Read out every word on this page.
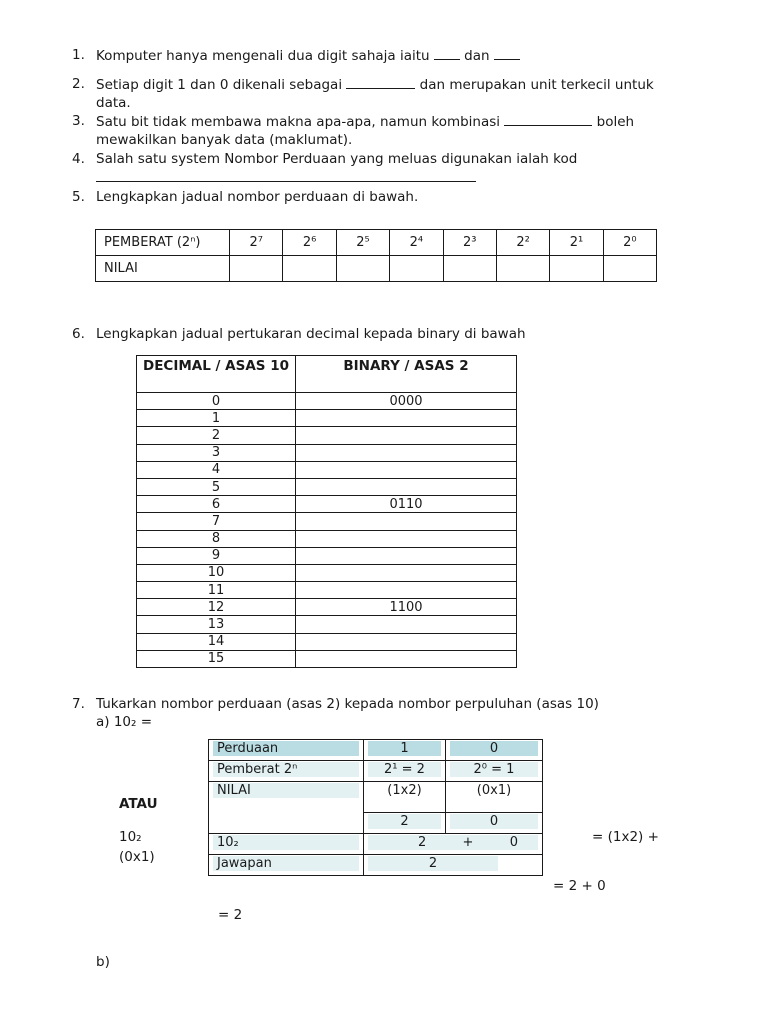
1. Komputer hanya mengenali dua digit sahaja iaitu  dan
2. Setiap digit 1 dan 0 dikenali sebagai	dan merupakan unit terkecil untuk
data.
3. Satu bit tidak membawa makna apa-apa, namun kombinasi	boleh
mewakilkan banyak data (maklumat).
4. Salah satu system Nombor Perduaan yang meluas digunakan ialah kod

5. Lengkapkan jadual nombor perduaan di bawah.
PEMBERAT (2ⁿ)	2⁷	2⁶	2⁵	2⁴	2³	2²	2¹	2⁰
NILAI								
6. Lengkapkan jadual pertukaran decimal kepada binary di bawah
DECIMAL / ASAS 10	BINARY / ASAS 2
0	0000
1	
2	
3	
4	
5	
6	0110
7	
8	
9	
10	
11	
12	1100
13	
14	
15	
7. Tukarkan nombor perduaan (asas 2) kepada nombor perpuluhan (asas 10)
a) 10₂ =
Perduaan	1	0

Pemberat 2ⁿ	2¹ = 2	2⁰ = 1

NILAI	(1x2)	(0x1)

	2	0

10₂	2 + 0	

Jawapan	2	
ATAU
10₂
(0x1)
= (1x2) +
= 2 + 0
= 2
b)
